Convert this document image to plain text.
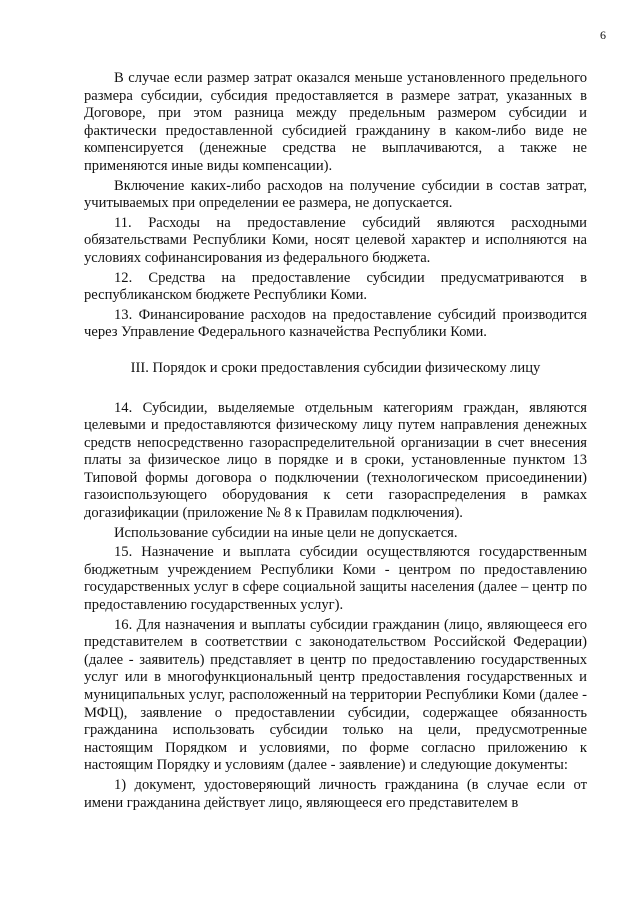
6

В случае если размер затрат оказался меньше установленного предельного размера субсидии, субсидия предоставляется в размере затрат, указанных в Договоре, при этом разница между предельным размером субсидии и фактически предоставленной субсидией гражданину в каком-либо виде не компенсируется (денежные средства не выплачиваются, а также не применяются иные виды компенсации).

Включение каких-либо расходов на получение субсидии в состав затрат, учитываемых при определении ее размера, не допускается.

11. Расходы на предоставление субсидий являются расходными обязательствами Республики Коми, носят целевой характер и исполняются на условиях софинансирования из федерального бюджета.

12. Средства на предоставление субсидии предусматриваются в республиканском бюджете Республики Коми.

13. Финансирование расходов на предоставление субсидий производится через Управление Федерального казначейства Республики Коми.

III. Порядок и сроки предоставления субсидии физическому лицу

14. Субсидии, выделяемые отдельным категориям граждан, являются целевыми и предоставляются физическому лицу путем направления денежных средств непосредственно газораспределительной организации в счет внесения платы за физическое лицо в порядке и в сроки, установленные пунктом 13 Типовой формы договора о подключении (технологическом присоединении) газоиспользующего оборудования к сети газораспределения в рамках догазификации (приложение № 8 к Правилам подключения).

Использование субсидии на иные цели не допускается.

15. Назначение и выплата субсидии осуществляются государственным бюджетным учреждением Республики Коми - центром по предоставлению государственных услуг в сфере социальной защиты населения (далее – центр по предоставлению государственных услуг).

16. Для назначения и выплаты субсидии гражданин (лицо, являющееся его представителем в соответствии с законодательством Российской Федерации) (далее - заявитель) представляет в центр по предоставлению государственных услуг или в многофункциональный центр предоставления государственных и муниципальных услуг, расположенный на территории Республики Коми (далее - МФЦ), заявление о предоставлении субсидии, содержащее обязанность гражданина использовать субсидии только на цели, предусмотренные настоящим Порядком и условиями, по форме согласно приложению к настоящим Порядку и условиям (далее - заявление) и следующие документы:

1) документ, удостоверяющий личность гражданина (в случае если от имени гражданина действует лицо, являющееся его представителем в
